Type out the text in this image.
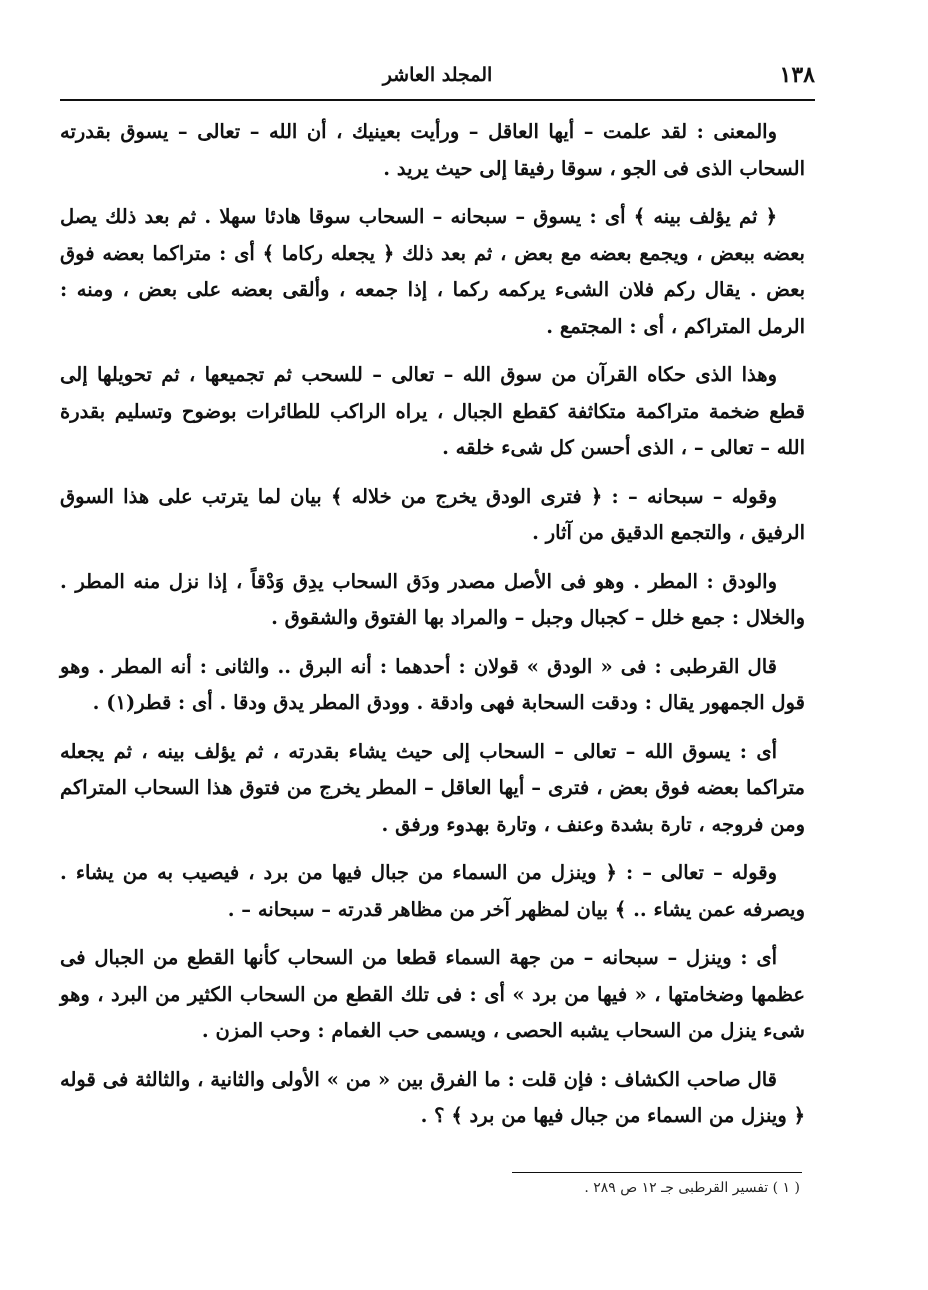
١٣٨
المجلد العاشر

والمعنى : لقد علمت – أيها العاقل – ورأيت بعينيك ، أن الله – تعالى – يسوق بقدرته السحاب الذى فى الجو ، سوقا رفيقا إلى حيث يريد .

﴿ ثم يؤلف بينه ﴾ أى : يسوق – سبحانه – السحاب سوقا هادئا سهلا . ثم بعد ذلك يصل بعضه ببعض ، ويجمع بعضه مع بعض ، ثم بعد ذلك ﴿ يجعله ركاما ﴾ أى : متراكما بعضه فوق بعض . يقال ركم فلان الشىء يركمه ركما ، إذا جمعه ، وألقى بعضه على بعض ، ومنه : الرمل المتراكم ، أى : المجتمع .

وهذا الذى حكاه القرآن من سوق الله – تعالى – للسحب ثم تجميعها ، ثم تحويلها إلى قطع ضخمة متراكمة متكاثفة كقطع الجبال ، يراه الراكب للطائرات بوضوح وتسليم بقدرة الله – تعالى – ، الذى أحسن كل شىء خلقه .

وقوله – سبحانه – : ﴿ فترى الودق يخرج من خلاله ﴾ بيان لما يترتب على هذا السوق الرفيق ، والتجمع الدقيق من آثار .

والودق : المطر . وهو فى الأصل مصدر ودَق السحاب يدِق وَدْقاً ، إذا نزل منه المطر . والخلال : جمع خلل – كجبال وجبل – والمراد بها الفتوق والشقوق .

قال القرطبى : فى « الودق » قولان : أحدهما : أنه البرق .. والثانى : أنه المطر . وهو قول الجمهور يقال : ودقت السحابة فهى وادقة . وودق المطر يدق ودقا . أى : قطر(١) .

أى : يسوق الله – تعالى – السحاب إلى حيث يشاء بقدرته ، ثم يؤلف بينه ، ثم يجعله متراكما بعضه فوق بعض ، فترى – أيها العاقل – المطر يخرج من فتوق هذا السحاب المتراكم ومن فروجه ، تارة بشدة وعنف ، وتارة بهدوء ورفق .

وقوله – تعالى – : ﴿ وينزل من السماء من جبال فيها من برد ، فيصيب به من يشاء . ويصرفه عمن يشاء .. ﴾ بيان لمظهر آخر من مظاهر قدرته – سبحانه – .

أى : وينزل – سبحانه – من جهة السماء قطعا من السحاب كأنها القطع من الجبال فى عظمها وضخامتها ، « فيها من برد » أى : فى تلك القطع من السحاب الكثير من البرد ، وهو شىء ينزل من السحاب يشبه الحصى ، ويسمى حب الغمام : وحب المزن .

قال صاحب الكشاف : فإن قلت : ما الفرق بين « من » الأولى والثانية ، والثالثة فى قوله ﴿ وينزل من السماء من جبال فيها من برد ﴾ ؟ .

( ١ ) تفسير القرطبى جـ ١٢ ص ٢٨٩ .
